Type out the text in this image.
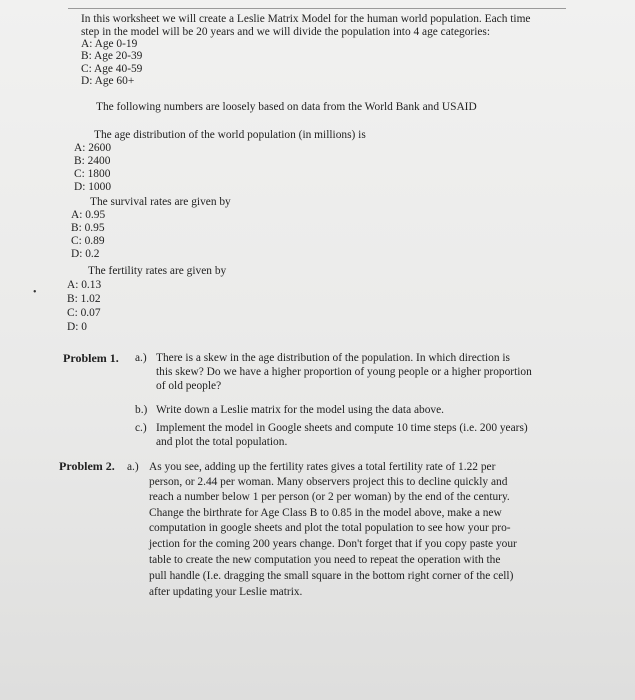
In this worksheet we will create a Leslie Matrix Model for the human world population. Each time
step in the model will be 20 years and we will divide the population into 4 age categories:
A: Age 0-19
B: Age 20-39
C: Age 40-59
D: Age 60+
The following numbers are loosely based on data from the World Bank and USAID
The age distribution of the world population (in millions) is
A: 2600
B: 2400
C: 1800
D: 1000
The survival rates are given by
A: 0.95
B: 0.95
C: 0.89
D: 0.2
The fertility rates are given by
•
A: 0.13
B: 1.02
C: 0.07
D: 0
Problem 1. a.) There is a skew in the age distribution of the population. In which direction is
this skew? Do we have a higher proportion of young people or a higher proportion
of old people?
b.) Write down a Leslie matrix for the model using the data above.
c.) Implement the model in Google sheets and compute 10 time steps (i.e. 200 years)
and plot the total population.
Problem 2. a.) As you see, adding up the fertility rates gives a total fertility rate of 1.22 per
person, or 2.44 per woman. Many observers project this to decline quickly and
reach a number below 1 per person (or 2 per woman) by the end of the century.
Change the birthrate for Age Class B to 0.85 in the model above, make a new
computation in google sheets and plot the total population to see how your pro-
jection for the coming 200 years change. Don't forget that if you copy paste your
table to create the new computation you need to repeat the operation with the
pull handle (I.e. dragging the small square in the bottom right corner of the cell)
after updating your Leslie matrix.
